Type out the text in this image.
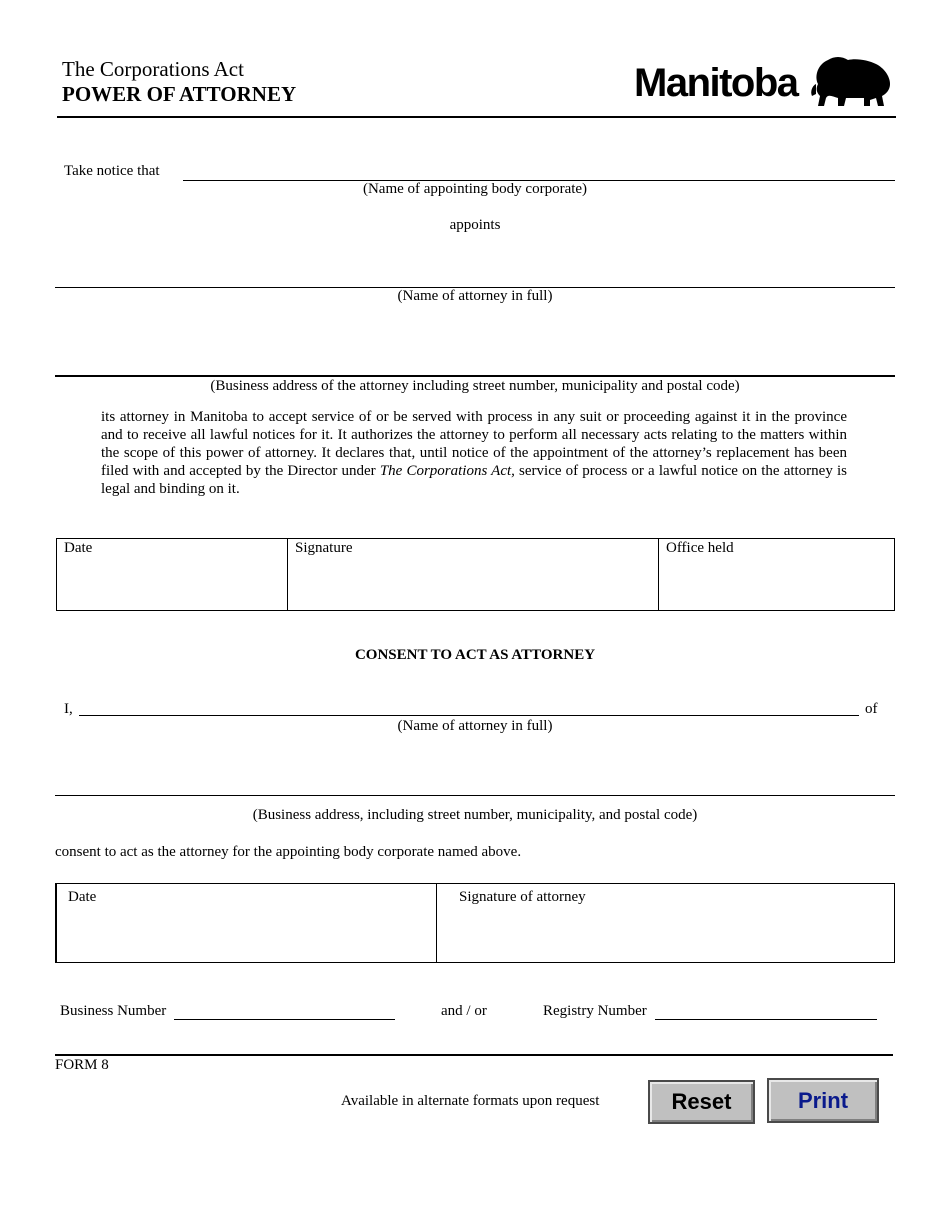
The Corporations Act
POWER OF ATTORNEY	Manitoba
Take notice that
(Name of appointing body corporate)
appoints
(Name of attorney in full)
(Business address of the attorney including street number, municipality and postal code)

its attorney in Manitoba to accept service of or be served with process in any suit or proceeding against it in the province and to receive all lawful notices for it. It authorizes the attorney to perform all necessary acts relating to the matters within the scope of this power of attorney. It declares that, until notice of the appointment of the attorney’s replacement has been filed with and accepted by the Director under The Corporations Act, service of process or a lawful notice on the attorney is legal and binding on it.

Date	Signature	Office held
CONSENT TO ACT AS ATTORNEY
I,	of
(Name of attorney in full)
(Business address, including street number, municipality, and postal code)
consent to act as the attorney for the appointing body corporate named above.
Date	Signature of attorney
Business Number	and / or	Registry Number
FORM 8
Available in alternate formats upon request	Reset	Print
